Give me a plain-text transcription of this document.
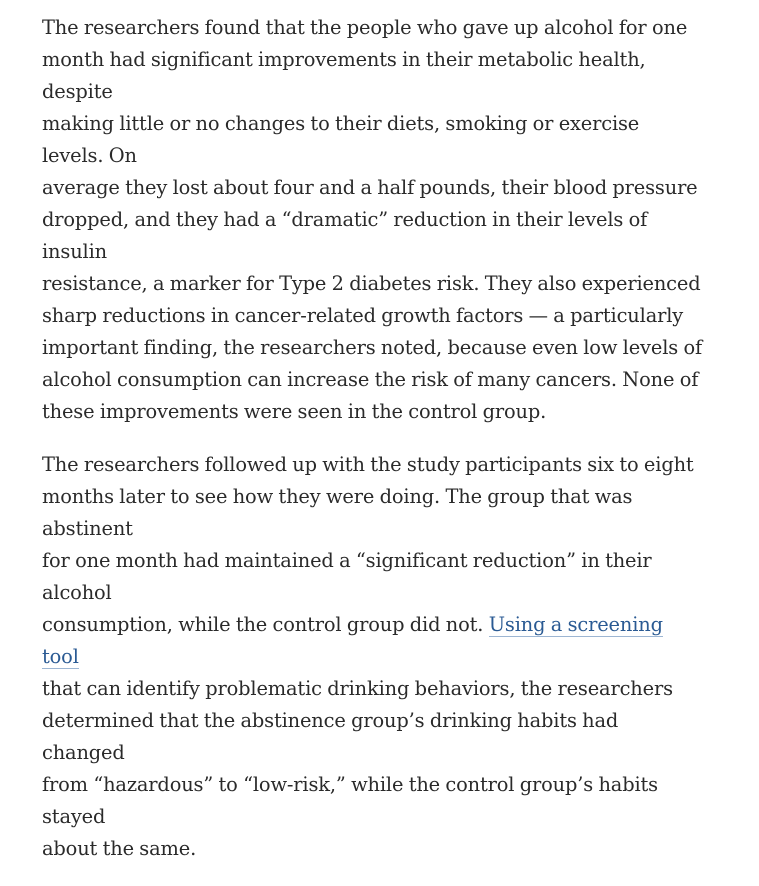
The researchers found that the people who gave up alcohol for one
month had significant improvements in their metabolic health, despite
making little or no changes to their diets, smoking or exercise levels. On
average they lost about four and a half pounds, their blood pressure
dropped, and they had a “dramatic” reduction in their levels of insulin
resistance, a marker for Type 2 diabetes risk. They also experienced
sharp reductions in cancer-related growth factors — a particularly
important finding, the researchers noted, because even low levels of
alcohol consumption can increase the risk of many cancers. None of
these improvements were seen in the control group.

The researchers followed up with the study participants six to eight
months later to see how they were doing. The group that was abstinent
for one month had maintained a “significant reduction” in their alcohol
consumption, while the control group did not. Using a screening tool
that can identify problematic drinking behaviors, the researchers
determined that the abstinence group’s drinking habits had changed
from “hazardous” to “low-risk,” while the control group’s habits stayed
about the same.
